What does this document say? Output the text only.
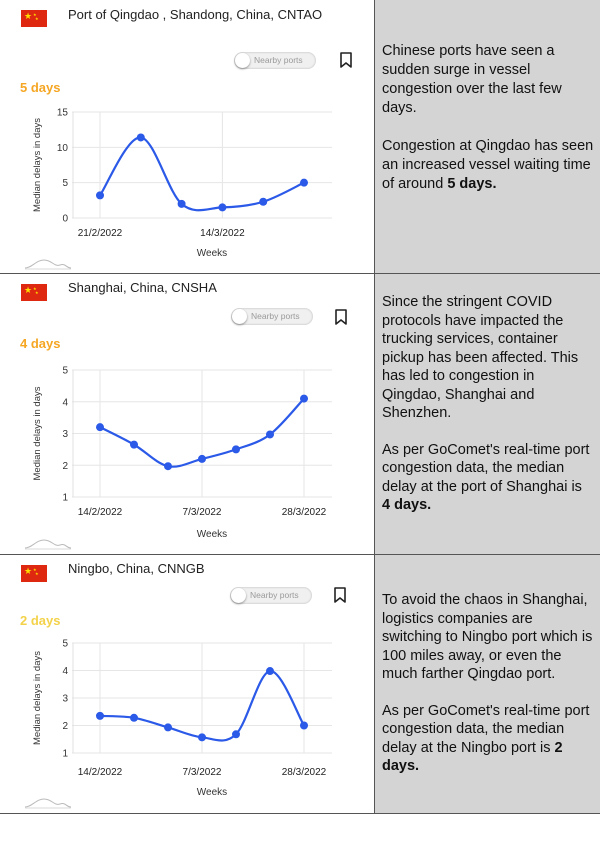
★ ★
★ Port of Qingdao , Shandong, China, CNTAO
Nearby ports
5 days
0
5
10
15
21/2/2022	14/3/2022
Weeks
Median delays in days

Chinese ports have seen a sudden surge in vessel congestion over the last few days.

Congestion at Qingdao has seen an increased vessel waiting time of around 5 days.

★ ★
★ Shanghai, China, CNSHA
Nearby ports
4 days
1
2
3
4
5
14/2/2022	7/3/2022	28/3/2022
Weeks
Median delays in days

Since the stringent COVID protocols have impacted the trucking services, container pickup has been affected. This has led to congestion in Qingdao, Shanghai and Shenzhen.

As per GoComet's real-time port congestion data, the median delay at the port of Shanghai is 4 days.

★ ★
★ Ningbo, China, CNNGB
Nearby ports
2 days
1
2
3
4
5
14/2/2022	7/3/2022	28/3/2022
Weeks
Median delays in days

To avoid the chaos in Shanghai, logistics companies are switching to Ningbo port which is 100 miles away, or even the much farther Qingdao port.

As per GoComet's real-time port congestion data, the median delay at the Ningbo port is 2 days.
